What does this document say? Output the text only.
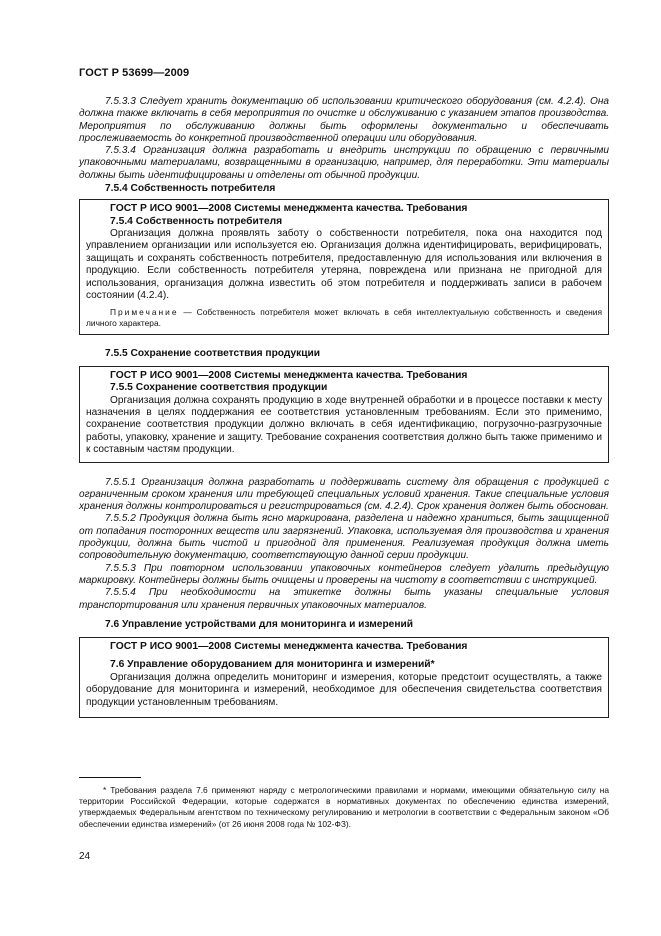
ГОСТ Р 53699—2009

7.5.3.3 Следует хранить документацию об использовании критического оборудования (см. 4.2.4). Она должна также включать в себя мероприятия по очистке и обслуживанию с указанием этапов производства. Мероприятия по обслуживанию должны быть оформлены документально и обеспечивать прослеживаемость до конкретной производственной операции или оборудования.

7.5.3.4 Организация должна разработать и внедрить инструкции по обращению с первичными упаковочными материалами, возвращенными в организацию, например, для переработки. Эти материалы должны быть идентифицированы и отделены от обычной продукции.

7.5.4 Собственность потребителя

ГОСТ Р ИСО 9001—2008 Системы менеджмента качества. Требования

7.5.4 Собственность потребителя

Организация должна проявлять заботу о собственности потребителя, пока она находится под управлением организации или используется ею. Организация должна идентифицировать, верифицировать, защищать и сохранять собственность потребителя, предоставленную для использования или включения в продукцию. Если собственность потребителя утеряна, повреждена или признана не пригодной для использования, организация должна известить об этом потребителя и поддерживать записи в рабочем состоянии (4.2.4).

Примечание — Собственность потребителя может включать в себя интеллектуальную собственность и сведения личного характера.

7.5.5 Сохранение соответствия продукции

ГОСТ Р ИСО 9001—2008 Системы менеджмента качества. Требования

7.5.5 Сохранение соответствия продукции

Организация должна сохранять продукцию в ходе внутренней обработки и в процессе поставки к месту назначения в целях поддержания ее соответствия установленным требованиям. Если это применимо, сохранение соответствия продукции должно включать в себя идентификацию, погрузочно-разгрузочные работы, упаковку, хранение и защиту. Требование сохранения соответствия должно быть также применимо и к составным частям продукции.

7.5.5.1 Организация должна разработать и поддерживать систему для обращения с продукцией с ограниченным сроком хранения или требующей специальных условий хранения. Такие специальные условия хранения должны контролироваться и регистрироваться (см. 4.2.4). Срок хранения должен быть обоснован.

7.5.5.2 Продукция должна быть ясно маркирована, разделена и надежно храниться, быть защищенной от попадания посторонних веществ или загрязнений. Упаковка, используемая для производства и хранения продукции, должна быть чистой и пригодной для применения. Реализуемая продукция должна иметь сопроводительную документацию, соответствующую данной серии продукции.

7.5.5.3 При повторном использовании упаковочных контейнеров следует удалить предыдущую маркировку. Контейнеры должны быть очищены и проверены на чистоту в соответствии с инструкцией.

7.5.5.4 При необходимости на этикетке должны быть указаны специальные условия транспортирования или хранения первичных упаковочных материалов.

7.6 Управление устройствами для мониторинга и измерений

ГОСТ Р ИСО 9001—2008 Системы менеджмента качества. Требования

7.6 Управление оборудованием для мониторинга и измерений*

Организация должна определить мониторинг и измерения, которые предстоит осуществлять, а также оборудование для мониторинга и измерений, необходимое для обеспечения свидетельства соответствия продукции установленным требованиям.

* Требования раздела 7.6 применяют наряду с метрологическими правилами и нормами, имеющими обязательную силу на территории Российской Федерации, которые содержатся в нормативных документах по обеспечению единства измерений, утверждаемых Федеральным агентством по техническому регулированию и метрологии в соответствии с Федеральным законом «Об обеспечении единства измерений» (от 26 июня 2008 года № 102-ФЗ).

24
